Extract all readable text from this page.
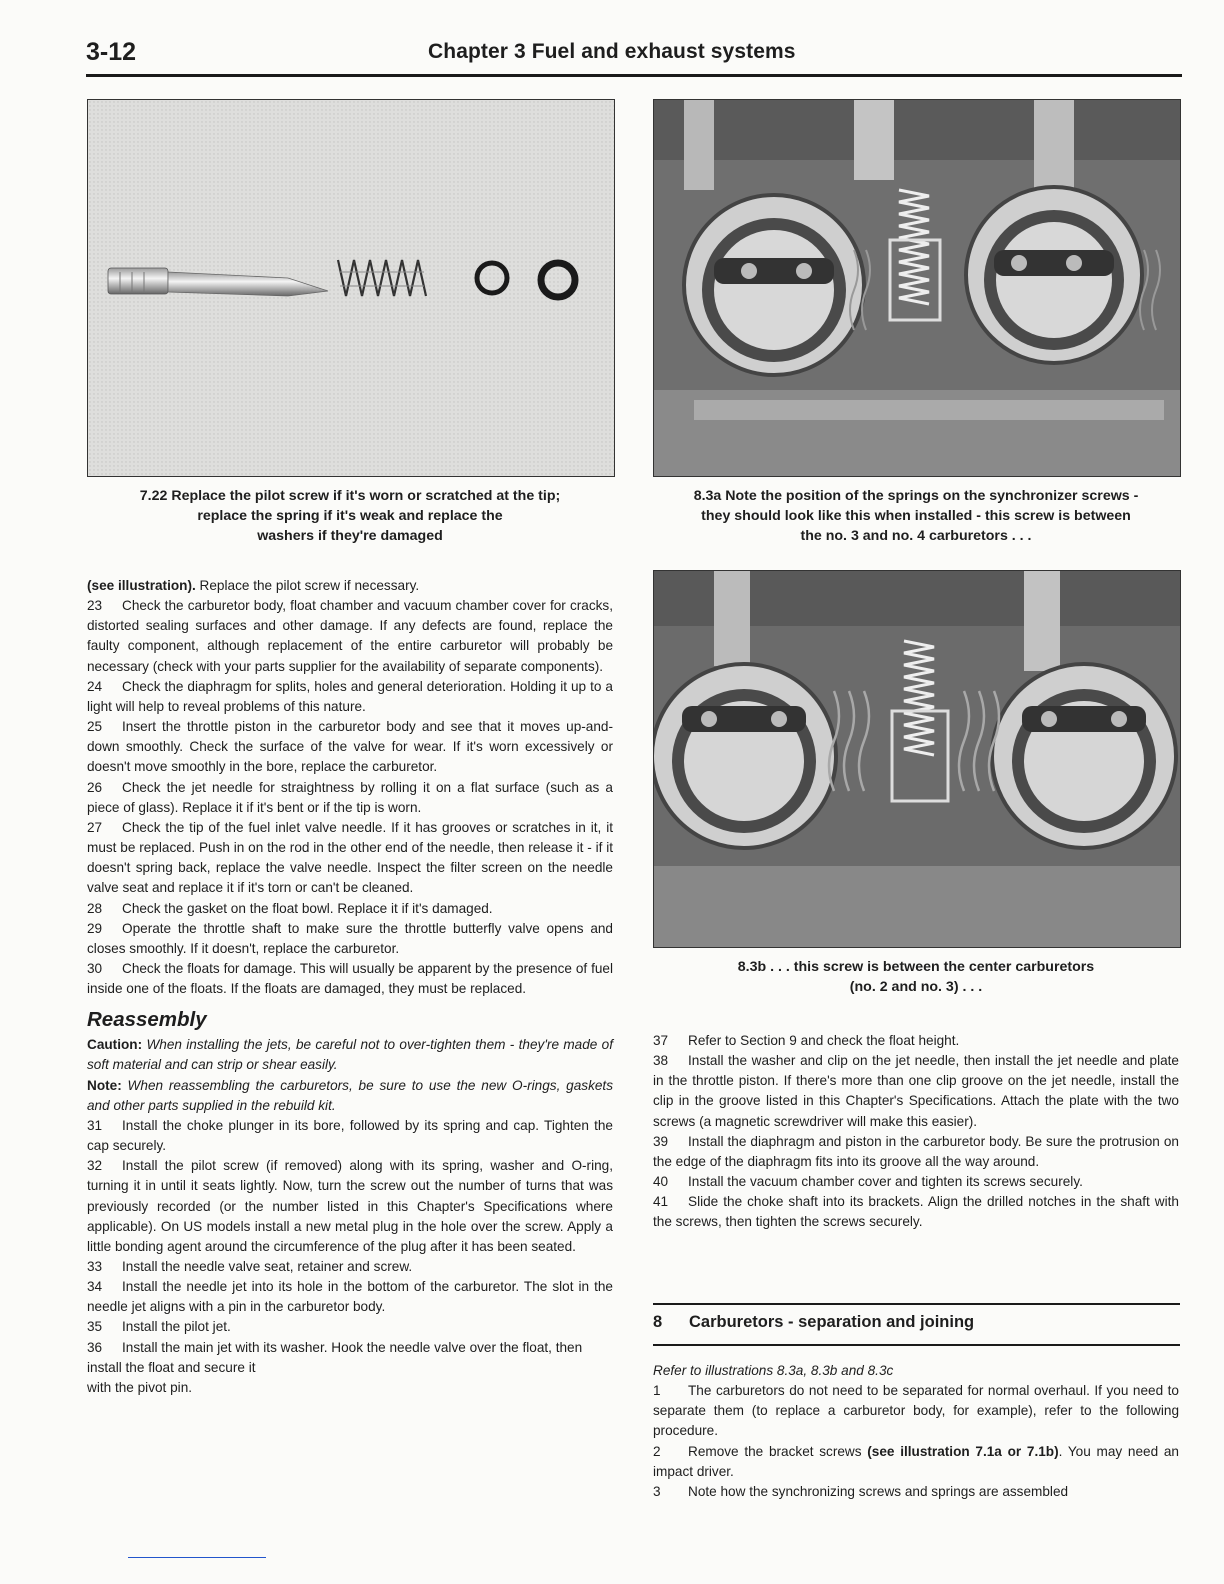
3-12	Chapter 3 Fuel and exhaust systems
7.22 Replace the pilot screw if it's worn or scratched at the tip;
replace the spring if it's weak and replace the
washers if they're damaged
8.3a Note the position of the springs on the synchronizer screws -
they should look like this when installed - this screw is between
the no. 3 and no. 4 carburetors . . .
8.3b . . . this screw is between the center carburetors
(no. 2 and no. 3) . . .

(see illustration). Replace the pilot screw if necessary.

23 Check the carburetor body, float chamber and vacuum chamber cover for cracks, distorted sealing surfaces and other damage. If any defects are found, replace the faulty component, although replacement of the entire carburetor will probably be necessary (check with your parts supplier for the availability of separate components).

24 Check the diaphragm for splits, holes and general deterioration. Holding it up to a light will help to reveal problems of this nature.

25 Insert the throttle piston in the carburetor body and see that it moves up-and-down smoothly. Check the surface of the valve for wear. If it's worn excessively or doesn't move smoothly in the bore, replace the carburetor.

26 Check the jet needle for straightness by rolling it on a flat surface (such as a piece of glass). Replace it if it's bent or if the tip is worn.

27 Check the tip of the fuel inlet valve needle. If it has grooves or scratches in it, it must be replaced. Push in on the rod in the other end of the needle, then release it - if it doesn't spring back, replace the valve needle. Inspect the filter screen on the needle valve seat and replace it if it's torn or can't be cleaned.

28 Check the gasket on the float bowl. Replace it if it's damaged.

29 Operate the throttle shaft to make sure the throttle butterfly valve opens and closes smoothly. If it doesn't, replace the carburetor.

30 Check the floats for damage. This will usually be apparent by the presence of fuel inside one of the floats. If the floats are damaged, they must be replaced.

Reassembly

Caution: When installing the jets, be careful not to over-tighten them - they're made of soft material and can strip or shear easily.

Note: When reassembling the carburetors, be sure to use the new O-rings, gaskets and other parts supplied in the rebuild kit.

31 Install the choke plunger in its bore, followed by its spring and cap. Tighten the cap securely.

32 Install the pilot screw (if removed) along with its spring, washer and O-ring, turning it in until it seats lightly. Now, turn the screw out the number of turns that was previously recorded (or the number listed in this Chapter's Specifications where applicable). On US models install a new metal plug in the hole over the screw. Apply a little bonding agent around the circumference of the plug after it has been seated.

33 Install the needle valve seat, retainer and screw.

34 Install the needle jet into its hole in the bottom of the carburetor. The slot in the needle jet aligns with a pin in the carburetor body.

35 Install the pilot jet.

36 Install the main jet with its washer. Hook the needle valve over the float, then install the float and secure it

with the pivot pin.

37 Refer to Section 9 and check the float height.

38 Install the washer and clip on the jet needle, then install the jet needle and plate in the throttle piston. If there's more than one clip groove on the jet needle, install the clip in the groove listed in this Chapter's Specifications. Attach the plate with the two screws (a magnetic screwdriver will make this easier).

39 Install the diaphragm and piston in the carburetor body. Be sure the protrusion on the edge of the diaphragm fits into its groove all the way around.

40 Install the vacuum chamber cover and tighten its screws securely.

41 Slide the choke shaft into its brackets. Align the drilled notches in the shaft with the screws, then tighten the screws securely.

8 Carburetors - separation and joining

Refer to illustrations 8.3a, 8.3b and 8.3c

1 The carburetors do not need to be separated for normal overhaul. If you need to separate them (to replace a carburetor body, for example), refer to the following procedure.

2 Remove the bracket screws (see illustration 7.1a or 7.1b). You may need an impact driver.

3 Note how the synchronizing screws and springs are assembled
